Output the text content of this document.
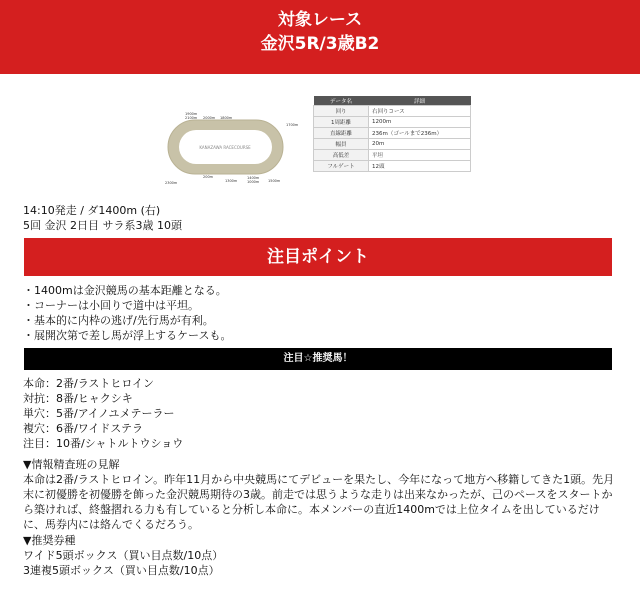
対象レース
金沢5R/3歳B2
KANAZAWA RACECOURSE
1900m
2100m 2000m 1800m
1700m
2300m	1300m
1400m
1500m
1000m
200m
データ名	詳細
回り	右回りコース
1周距離	1200m
直線距離	236m（ゴールまで236m）
幅員	20m
高低差	平坦
フルゲート	12頭
14:10発走 / ダ1400m (右)
5回 金沢 2日目 サラ系3歳 10頭
注目ポイント
・1400mは金沢競馬の基本距離となる。
・コーナーは小回りで道中は平坦。
・基本的に内枠の逃げ/先行馬が有利。
・展開次第で差し馬が浮上するケースも。
注目☆推奨馬！
本命：2番/ラストヒロイン
対抗：8番/ヒャクシキ
単穴：5番/アイノユメテーラー
複穴：6番/ワイドステラ
注目：10番/シャトルトウショウ
▼情報精査班の見解
本命は2番/ラストヒロイン。昨年11月から中央競馬にてデビューを果たし、今年になって地方へ移籍してきた1頭。先月末に初優勝を初優勝を飾った金沢競馬期待の3歳。前走では思うような走りは出来なかったが、己のペースをスタートから築ければ、終盤摺れる力も有していると分析し本命に。本メンバーの直近1400mでは上位タイムを出しているだけに、馬券内には絡んでくるだろう。
▼推奨券種
ワイド5頭ボックス（買い目点数/10点）
3連複5頭ボックス（買い目点数/10点）
